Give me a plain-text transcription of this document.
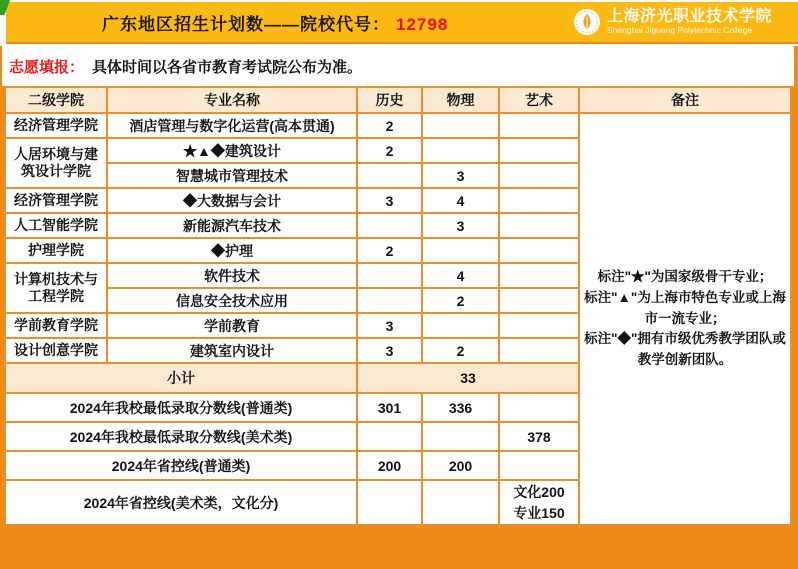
广东地区招生计划数——院校代号： 12798	上海济光职业技术学院
Shanghai Jiguang Polytechnic College
志愿填报： 具体时间以各省市教育考试院公布为准。
二级学院	专业名称	历史	物理	艺术	备注
经济管理学院	酒店管理与数字化运营(高本贯通)	2			标注"★"为国家级骨干专业；
标注"▲"为上海市特色专业或上海市一流专业；
标注"◆"拥有市级优秀教学团队或教学创新团队。

人居环境与建筑设计学院	★▲◆建筑设计	2			
	智慧城市管理技术		3		
经济管理学院	◆大数据与会计	3	4		
人工智能学院	新能源汽车技术		3		
护理学院	◆护理	2			
计算机技术与工程学院	软件技术		4		
	信息安全技术应用		2		
学前教育学院	学前教育	3			
设计创意学院	建筑室内设计	3	2		
小计		33			
2024年我校最低录取分数线(普通类)		301	336		
2024年我校最低录取分数线(美术类)				378	
2024年省控线(普通类)		200	200		
2024年省控线(美术类，文化分)				文化200
专业150	
